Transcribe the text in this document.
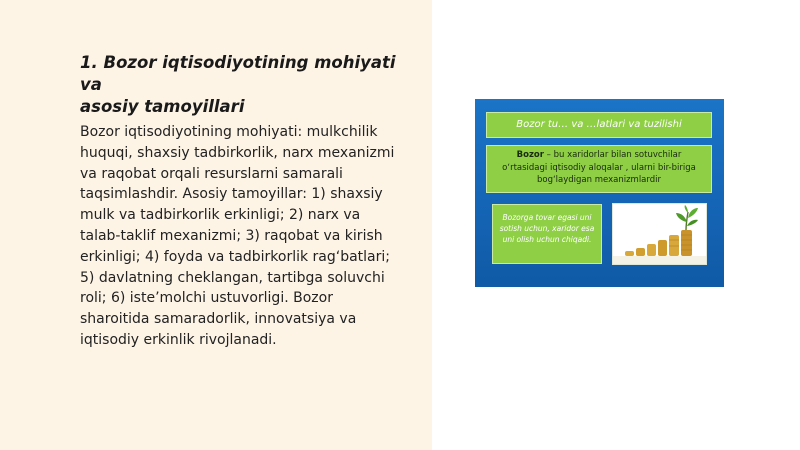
1. Bozor iqtisodiyotining mohiyati va
asosiy tamoyillari

Bozor iqtisodiyotining mohiyati: mulkchilik
huquqi, shaxsiy tadbirkorlik, narx mexanizmi
va raqobat orqali resurslarni samarali
taqsimlashdir. Asosiy tamoyillar: 1) shaxsiy
mulk va tadbirkorlik erkinligi; 2) narx va
talab-taklif mexanizmi; 3) raqobat va kirish
erkinligi; 4) foyda va tadbirkorlik rag‘batlari;
5) davlatning cheklangan, tartibga soluvchi
roli; 6) iste’molchi ustuvorligi. Bozor
sharoitida samaradorlik, innovatsiya va
iqtisodiy erkinlik rivojlanadi.

Bozor tu… va …latlari va tuzilishi
Bozor – bu xaridorlar bilan sotuvchilar o‘rtasidagi iqtisodiy aloqalar , ularni bir-biriga bog‘laydigan mexanizmlardir
Bozorga tovar egasi uni sotish uchun, xaridor esa uni olish uchun chiqadi.
